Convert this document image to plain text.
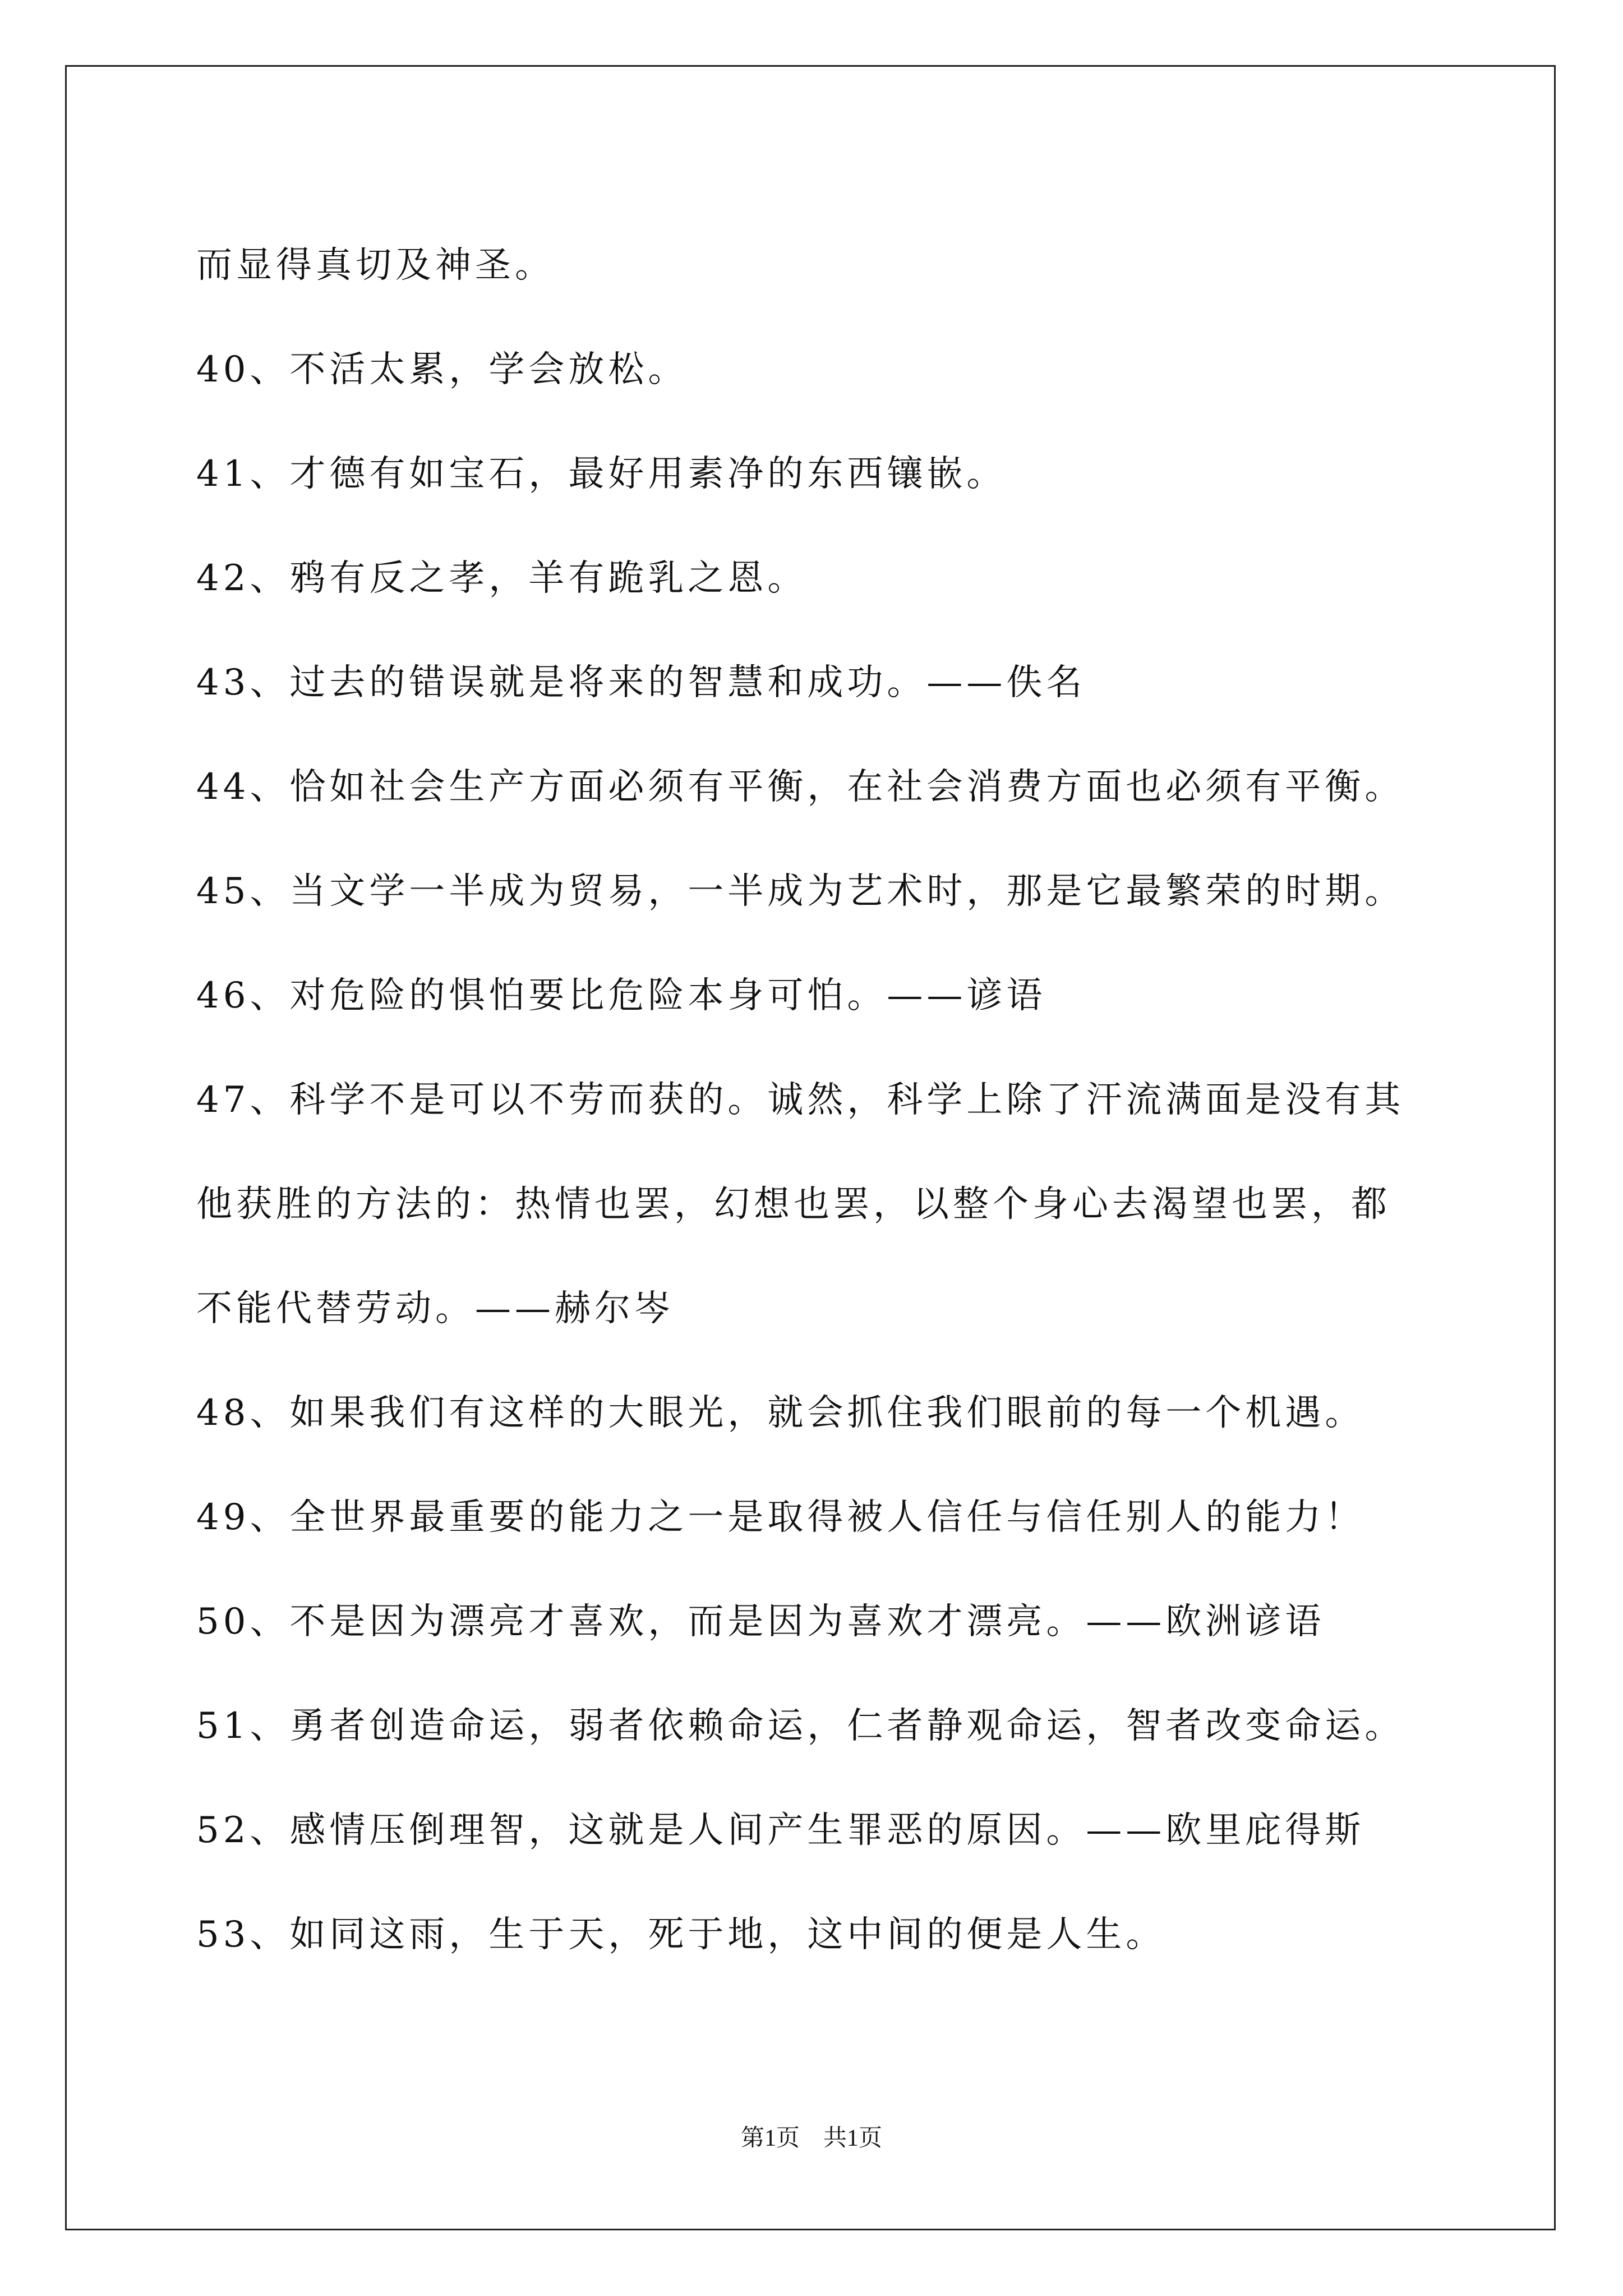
而显得真切及神圣。
40、不活太累，学会放松。
41、才德有如宝石，最好用素净的东西镶嵌。
42、鸦有反之孝，羊有跪乳之恩。
43、过去的错误就是将来的智慧和成功。——佚名
44、恰如社会生产方面必须有平衡，在社会消费方面也必须有平衡。
45、当文学一半成为贸易，一半成为艺术时，那是它最繁荣的时期。
46、对危险的惧怕要比危险本身可怕。——谚语
47、科学不是可以不劳而获的。诚然，科学上除了汗流满面是没有其
他获胜的方法的：热情也罢，幻想也罢，以整个身心去渴望也罢，都
不能代替劳动。——赫尔岑
48、如果我们有这样的大眼光，就会抓住我们眼前的每一个机遇。
49、全世界最重要的能力之一是取得被人信任与信任别人的能力！
50、不是因为漂亮才喜欢，而是因为喜欢才漂亮。——欧洲谚语
51、勇者创造命运，弱者依赖命运，仁者静观命运，智者改变命运。
52、感情压倒理智，这就是人间产生罪恶的原因。——欧里庇得斯
53、如同这雨，生于天，死于地，这中间的便是人生。
第1页　共1页
